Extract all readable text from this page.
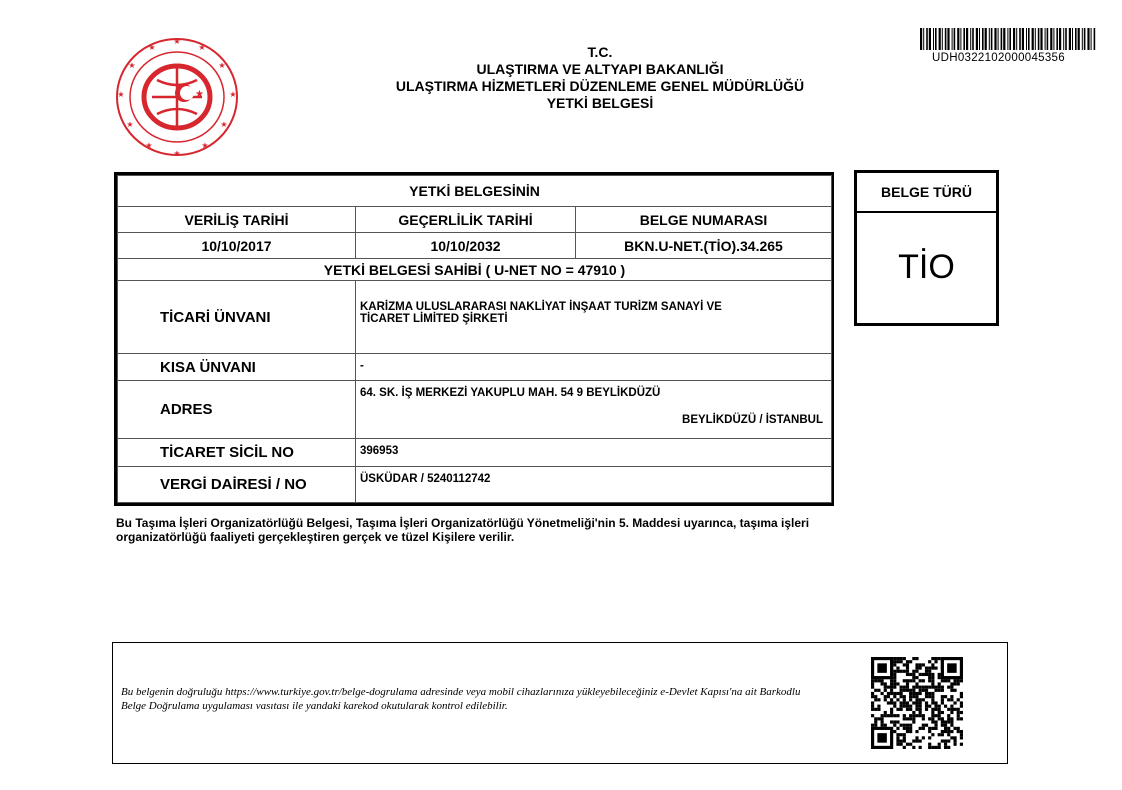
★
★
★	★
★	★
★	★
★	★
★	★
★
T.C.
ULAŞTIRMA VE ALTYAPI BAKANLIĞI
ULAŞTIRMA HİZMETLERİ DÜZENLEME GENEL MÜDÜRLÜĞÜ
YETKİ BELGESİ
UDH0322102000045356
YETKİ BELGESİNİN		
VERİLİŞ TARİHİ	GEÇERLİLİK TARİHİ	BELGE NUMARASI
10/10/2017	10/10/2032	BKN.U-NET.(TİO).34.265
YETKİ BELGESİ SAHİBİ ( U-NET NO = 47910 )		
TİCARİ ÜNVANI	KARİZMA ULUSLARARASI NAKLİYAT İNŞAAT TURİZM SANAYİ VE
TİCARET LİMİTED ŞİRKETİ	
KISA ÜNVANI	-	
ADRES	64. SK. İŞ MERKEZİ YAKUPLU MAH. 54 9 BEYLİKDÜZÜ
BEYLİKDÜZÜ / İSTANBUL	

TİCARET SİCİL NO	396953	
VERGİ DAİRESİ / NO	ÜSKÜDAR / 5240112742	
BELGE TÜRÜ
TİO
Bu Taşıma İşleri Organizatörlüğü Belgesi, Taşıma İşleri Organizatörlüğü Yönetmeliği'nin 5. Maddesi uyarınca, taşıma işleri organizatörlüğü faaliyeti gerçekleştiren gerçek ve tüzel Kişilere verilir.
Bu belgenin doğruluğu https://www.turkiye.gov.tr/belge-dogrulama adresinde veya mobil cihazlarınıza yükleyebileceğiniz e-Devlet Kapısı'na ait Barkodlu Belge Doğrulama uygulaması vasıtası ile yandaki karekod okutularak kontrol edilebilir.
